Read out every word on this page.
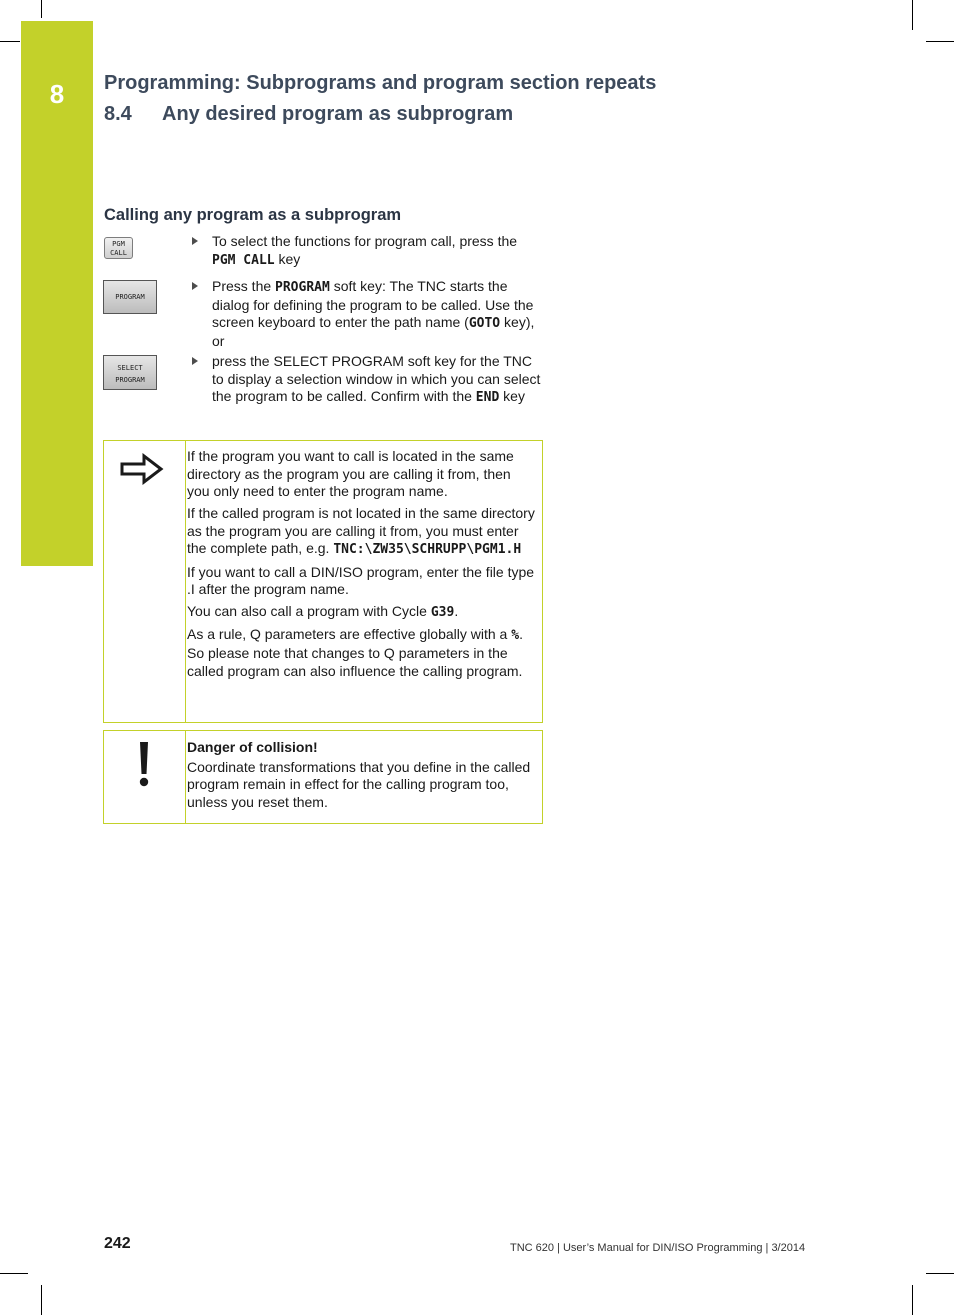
8	Programming: Subprograms and program section repeats
8.4 Any desired program as subprogram
Calling any program as a subprogram
PGM
CALL
PROGRAM
SELECT
PROGRAM
To select the functions for program call, press the PGM CALL key
Press the PROGRAM soft key: The TNC starts the dialog for defining the program to be called. Use the screen keyboard to enter the path name (GOTO key), or
press the SELECT PROGRAM soft key for the TNC to display a selection window in which you can select the program to be called. Confirm with the END key

If the program you want to call is located in the same directory as the program you are calling it from, then you only need to enter the program name.

If the called program is not located in the same directory as the program you are calling it from, you must enter the complete path, e.g. TNC:\ZW35\SCHRUPP\PGM1.H

If you want to call a DIN/ISO program, enter the file type .I after the program name.

You can also call a program with Cycle G39.

As a rule, Q parameters are effective globally with a %. So please note that changes to Q parameters in the called program can also influence the calling program.

Danger of collision!

Coordinate transformations that you define in the called program remain in effect for the calling program too, unless you reset them.

242	TNC 620 | User’s Manual for DIN/ISO Programming | 3/2014
